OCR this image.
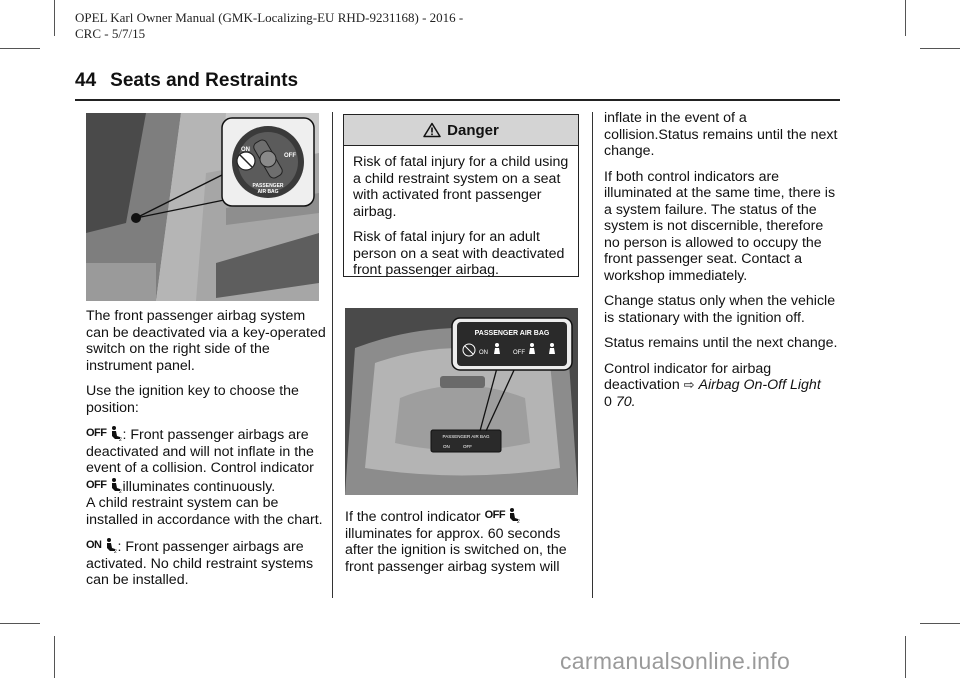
OPEL Karl Owner Manual (GMK-Localizing-EU RHD-9231168) - 2016 -
CRC - 5/7/15
44 Seats and Restraints
ON
OFF
PASSENGER
AIR BAG

The front passenger airbag system can be deactivated via a key-operated switch on the right side of the instrument panel.

Use the ignition key to choose the position:

$^{OFF}$
2 : Front passenger airbags are deactivated and will not inflate in the event of a collision. Control indicator $^{OFF}$
2 illuminates continuously.

A child restraint system can be installed in accordance with the chart.

$^{ON}$
2 : Front passenger airbags are activated. No child restraint systems can be installed.

Danger

Risk of fatal injury for a child using a child restraint system on a seat with activated front passenger airbag.

Risk of fatal injury for an adult person on a seat with deactivated front passenger airbag.

PASSENGER AIR BAG
ON	OFF
PASSENGER AIR BAG
ON	OFF

If the control indicator $^{OFF}$
2

illuminates for approx. 60 seconds after the ignition is switched on, the front passenger airbag system will

inflate in the event of a collision.Status remains until the next change.

If both control indicators are illuminated at the same time, there is a system failure. The status of the system is not discernible, therefore no person is allowed to occupy the front passenger seat. Contact a workshop immediately.

Change status only when the vehicle is stationary with the ignition off.

Status remains until the next change.

Control indicator for airbag deactivation ⇨ Airbag On-Off Light
0 70.

carmanualsonline.info
